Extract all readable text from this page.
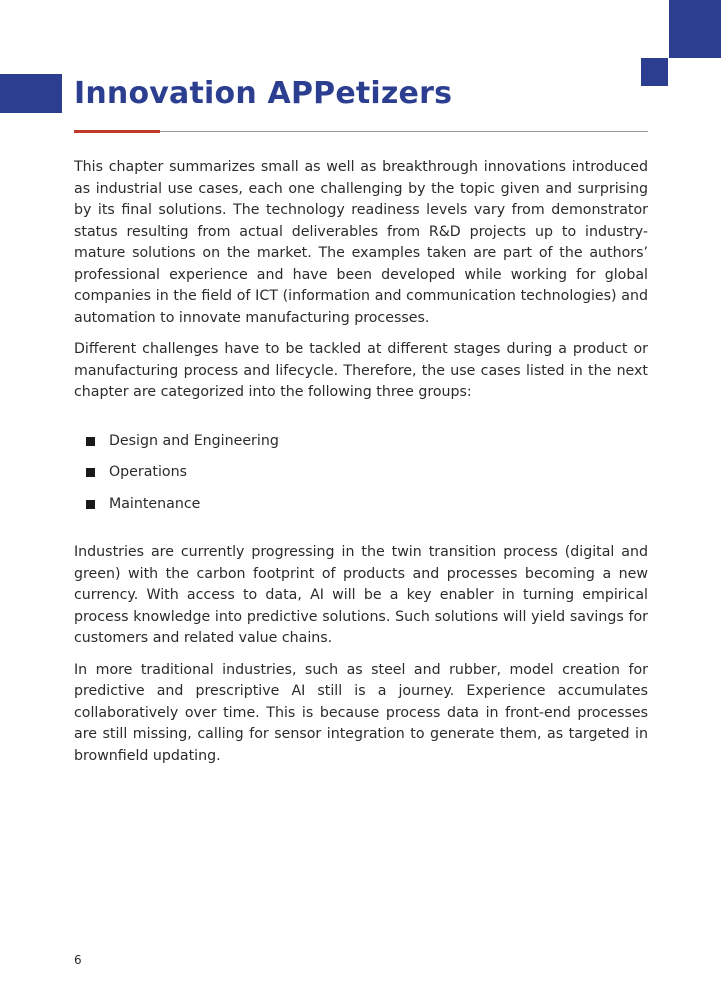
Innovation APPetizers

This chapter summarizes small as well as breakthrough innovations introduced as industrial use cases, each one challenging by the topic given and surprising by its final solutions. The technology readiness levels vary from demonstrator status resulting from actual deliverables from R&D projects up to industry-mature solutions on the market. The examples taken are part of the authors’ professional experience and have been developed while working for global companies in the field of ICT (information and communication technologies) and automation to innovate manufacturing processes.

Different challenges have to be tackled at different stages during a product or manufacturing process and lifecycle. Therefore, the use cases listed in the next chapter are categorized into the following three groups:

Design and Engineering
Operations
Maintenance

Industries are currently progressing in the twin transition process (digital and green) with the carbon footprint of products and processes becoming a new currency. With access to data, AI will be a key enabler in turning empirical process knowledge into predictive solutions. Such solutions will yield savings for customers and related value chains.

In more traditional industries, such as steel and rubber, model creation for predictive and prescriptive AI still is a journey. Experience accumulates collaboratively over time. This is because process data in front-end processes are still missing, calling for sensor integration to generate them, as targeted in brownfield updating.

6
